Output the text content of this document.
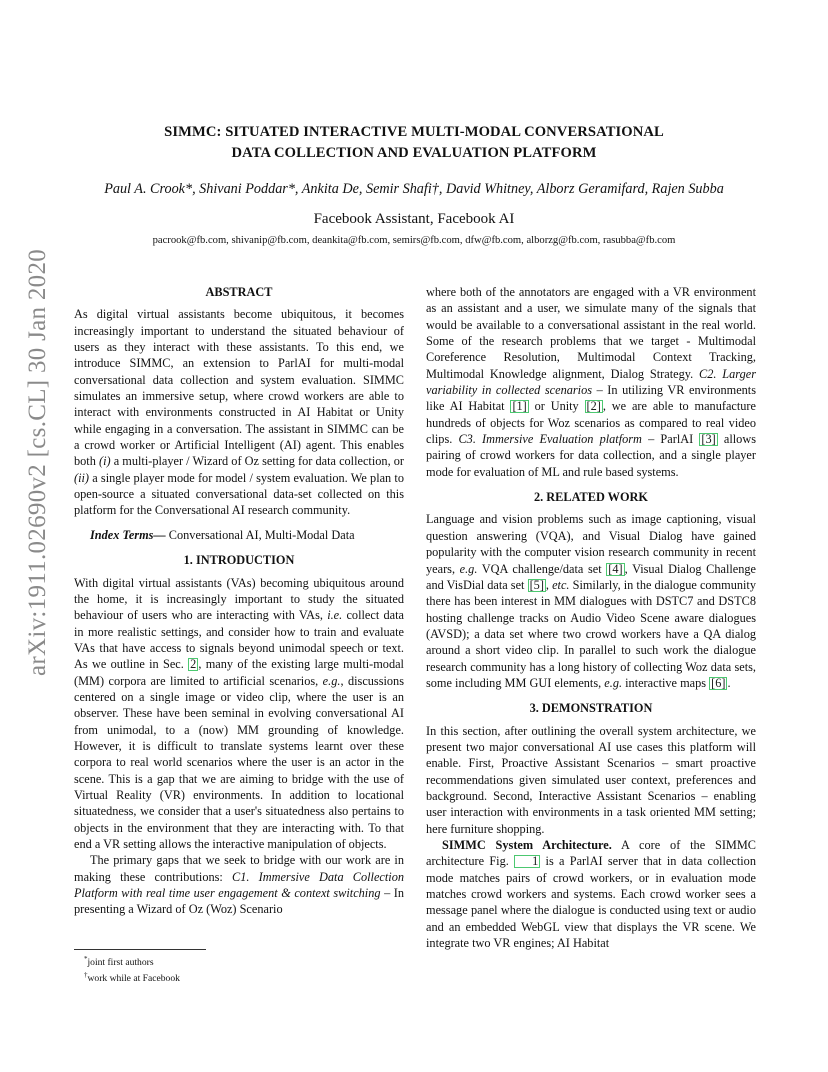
SIMMC: SITUATED INTERACTIVE MULTI-MODAL CONVERSATIONAL
DATA COLLECTION AND EVALUATION PLATFORM
Paul A. Crook*, Shivani Poddar*, Ankita De, Semir Shafi†, David Whitney, Alborz Geramifard, Rajen Subba
Facebook Assistant, Facebook AI
pacrook@fb.com, shivanip@fb.com, deankita@fb.com, semirs@fb.com, dfw@fb.com, alborzg@fb.com, rasubba@fb.com
arXiv:1911.02690v2 [cs.CL] 30 Jan 2020	ABSTRACT

As digital virtual assistants become ubiquitous, it becomes increasingly important to understand the situated behaviour of users as they interact with these assistants. To this end, we introduce SIMMC, an extension to ParlAI for multi-modal conversational data collection and system evaluation. SIMMC simulates an immersive setup, where crowd workers are able to interact with environments constructed in AI Habitat or Unity while engaging in a conversation. The assistant in SIMMC can be a crowd worker or Artificial Intelligent (AI) agent. This enables both (i) a multi-player / Wizard of Oz setting for data collection, or (ii) a single player mode for model / system evaluation. We plan to open-source a situated conversational data-set collected on this platform for the Conversational AI research community.

Index Terms— Conversational AI, Multi-Modal Data

1. INTRODUCTION

With digital virtual assistants (VAs) becoming ubiquitous around the home, it is increasingly important to study the situated behaviour of users who are interacting with VAs, i.e. collect data in more realistic settings, and consider how to train and evaluate VAs that have access to signals beyond unimodal speech or text. As we outline in Sec. 2 , many of the existing large multi-modal (MM) corpora are limited to artificial scenarios, e.g., discussions centered on a single image or video clip, where the user is an observer. These have been seminal in evolving conversational AI from unimodal, to a (now) MM grounding of knowledge. However, it is difficult to translate systems learnt over these corpora to real world scenarios where the user is an actor in the scene. This is a gap that we are aiming to bridge with the use of Virtual Reality (VR) environments. In addition to locational situatedness, we consider that a user's situatedness also pertains to objects in the environment that they are interacting with. To that end a VR setting allows the interactive manipulation of objects.

The primary gaps that we seek to bridge with our work are in making these contributions: C1. Immersive Data Collection Platform with real time user engagement & context switching – In presenting a Wizard of Oz (Woz) Scenario

where both of the annotators are engaged with a VR environment as an assistant and a user, we simulate many of the signals that would be available to a conversational assistant in the real world. Some of the research problems that we target - Multimodal Coreference Resolution, Multimodal Context Tracking, Multimodal Knowledge alignment, Dialog Strategy. C2. Larger variability in collected scenarios – In utilizing VR environments like AI Habitat [1] or Unity [2] , we are able to manufacture hundreds of objects for Woz scenarios as compared to real video clips. C3. Immersive Evaluation platform – ParlAI [3] allows pairing of crowd workers for data collection, and a single player mode for evaluation of ML and rule based systems.

2. RELATED WORK

Language and vision problems such as image captioning, visual question answering (VQA), and Visual Dialog have gained popularity with the computer vision research community in recent years, e.g. VQA challenge/data set [4] , Visual Dialog Challenge and VisDial data set [5] , etc. Similarly, in the dialogue community there has been interest in MM dialogues with DSTC7 and DSTC8 hosting challenge tracks on Audio Video Scene aware dialogues (AVSD); a data set where two crowd workers have a QA dialog around a short video clip. In parallel to such work the dialogue research community has a long history of collecting Woz data sets, some including MM GUI elements, e.g. interactive maps [6] .

3. DEMONSTRATION

In this section, after outlining the overall system architecture, we present two major conversational AI use cases this platform will enable. First, Proactive Assistant Scenarios – smart proactive recommendations given simulated user context, preferences and background. Second, Interactive Assistant Scenarios – enabling user interaction with environments in a task oriented MM setting; here furniture shopping.

SIMMC System Architecture. A core of the SIMMC architecture Fig. 1 is a ParlAI server that in data collection mode matches pairs of crowd workers, or in evaluation mode matches crowd workers and systems. Each crowd worker sees a message panel where the dialogue is conducted using text or audio and an embedded WebGL view that displays the VR scene. We integrate two VR engines; AI Habitat

*joint first authors
†work while at Facebook
